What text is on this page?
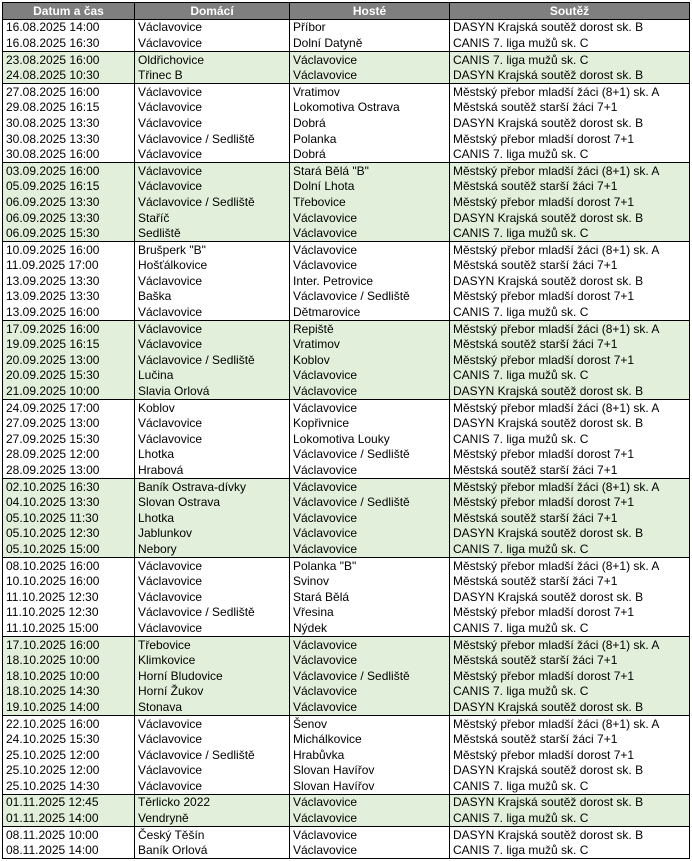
Datum a čas	Domácí	Hosté	Soutěž
16.08.2025 14:00	Václavovice	Příbor	DASYN Krajská soutěž dorost sk. B
16.08.2025 16:30	Václavovice	Dolní Datyně	CANIS 7. liga mužů sk. C
23.08.2025 16:00	Oldřichovice	Václavovice	CANIS 7. liga mužů sk. C
24.08.2025 10:30	Třinec B	Václavovice	DASYN Krajská soutěž dorost sk. B
27.08.2025 16:00	Václavovice	Vratimov	Městský přebor mladší žáci (8+1) sk. A
29.08.2025 16:15	Václavovice	Lokomotiva Ostrava	Městská soutěž starší žáci 7+1
30.08.2025 13:30	Václavovice	Dobrá	DASYN Krajská soutěž dorost sk. B
30.08.2025 13:30	Václavovice / Sedliště	Polanka	Městský přebor mladší dorost 7+1
30.08.2025 16:00	Václavovice	Dobrá	CANIS 7. liga mužů sk. C
03.09.2025 16:00	Václavovice	Stará Bělá "B"	Městský přebor mladší žáci (8+1) sk. A
05.09.2025 16:15	Václavovice	Dolní Lhota	Městská soutěž starší žáci 7+1
06.09.2025 13:30	Václavovice / Sedliště	Třebovice	Městský přebor mladší dorost 7+1
06.09.2025 13:30	Staříč	Václavovice	DASYN Krajská soutěž dorost sk. B
06.09.2025 15:30	Sedliště	Václavovice	CANIS 7. liga mužů sk. C
10.09.2025 16:00	Brušperk "B"	Václavovice	Městský přebor mladší žáci (8+1) sk. A
11.09.2025 17:00	Hošťálkovice	Václavovice	Městská soutěž starší žáci 7+1
13.09.2025 13:30	Václavovice	Inter. Petrovice	DASYN Krajská soutěž dorost sk. B
13.09.2025 13:30	Baška	Václavovice / Sedliště	Městský přebor mladší dorost 7+1
13.09.2025 16:00	Václavovice	Dětmarovice	CANIS 7. liga mužů sk. C
17.09.2025 16:00	Václavovice	Repiště	Městský přebor mladší žáci (8+1) sk. A
19.09.2025 16:15	Václavovice	Vratimov	Městská soutěž starší žáci 7+1
20.09.2025 13:00	Václavovice / Sedliště	Koblov	Městský přebor mladší dorost 7+1
20.09.2025 15:30	Lučina	Václavovice	CANIS 7. liga mužů sk. C
21.09.2025 10:00	Slavia Orlová	Václavovice	DASYN Krajská soutěž dorost sk. B
24.09.2025 17:00	Koblov	Václavovice	Městský přebor mladší žáci (8+1) sk. A
27.09.2025 13:00	Václavovice	Kopřivnice	DASYN Krajská soutěž dorost sk. B
27.09.2025 15:30	Václavovice	Lokomotiva Louky	CANIS 7. liga mužů sk. C
28.09.2025 12:00	Lhotka	Václavovice / Sedliště	Městský přebor mladší dorost 7+1
28.09.2025 13:00	Hrabová	Václavovice	Městská soutěž starší žáci 7+1
02.10.2025 16:30	Baník Ostrava-dívky	Václavovice	Městský přebor mladší žáci (8+1) sk. A
04.10.2025 13:30	Slovan Ostrava	Václavovice / Sedliště	Městský přebor mladší dorost 7+1
05.10.2025 11:30	Lhotka	Václavovice	Městská soutěž starší žáci 7+1
05.10.2025 12:30	Jablunkov	Václavovice	DASYN Krajská soutěž dorost sk. B
05.10.2025 15:00	Nebory	Václavovice	CANIS 7. liga mužů sk. C
08.10.2025 16:00	Václavovice	Polanka "B"	Městský přebor mladší žáci (8+1) sk. A
10.10.2025 16:00	Václavovice	Svinov	Městská soutěž starší žáci 7+1
11.10.2025 12:30	Václavovice	Stará Bělá	DASYN Krajská soutěž dorost sk. B
11.10.2025 12:30	Václavovice / Sedliště	Vřesina	Městský přebor mladší dorost 7+1
11.10.2025 15:00	Václavovice	Nýdek	CANIS 7. liga mužů sk. C
17.10.2025 16:00	Třebovice	Václavovice	Městský přebor mladší žáci (8+1) sk. A
18.10.2025 10:00	Klimkovice	Václavovice	Městská soutěž starší žáci 7+1
18.10.2025 10:00	Horní Bludovice	Václavovice / Sedliště	Městský přebor mladší dorost 7+1
18.10.2025 14:30	Horní Žukov	Václavovice	CANIS 7. liga mužů sk. C
19.10.2025 14:00	Stonava	Václavovice	DASYN Krajská soutěž dorost sk. B
22.10.2025 16:00	Václavovice	Šenov	Městský přebor mladší žáci (8+1) sk. A
24.10.2025 15:30	Václavovice	Michálkovice	Městská soutěž starší žáci 7+1
25.10.2025 12:00	Václavovice / Sedliště	Hrabůvka	Městský přebor mladší dorost 7+1
25.10.2025 12:00	Václavovice	Slovan Havířov	DASYN Krajská soutěž dorost sk. B
25.10.2025 14:30	Václavovice	Slovan Havířov	CANIS 7. liga mužů sk. C
01.11.2025 12:45	Těrlicko 2022	Václavovice	DASYN Krajská soutěž dorost sk. B
01.11.2025 14:00	Vendryně	Václavovice	CANIS 7. liga mužů sk. C
08.11.2025 10:00	Český Těšín	Václavovice	DASYN Krajská soutěž dorost sk. B
08.11.2025 14:00	Baník Orlová	Václavovice	CANIS 7. liga mužů sk. C
